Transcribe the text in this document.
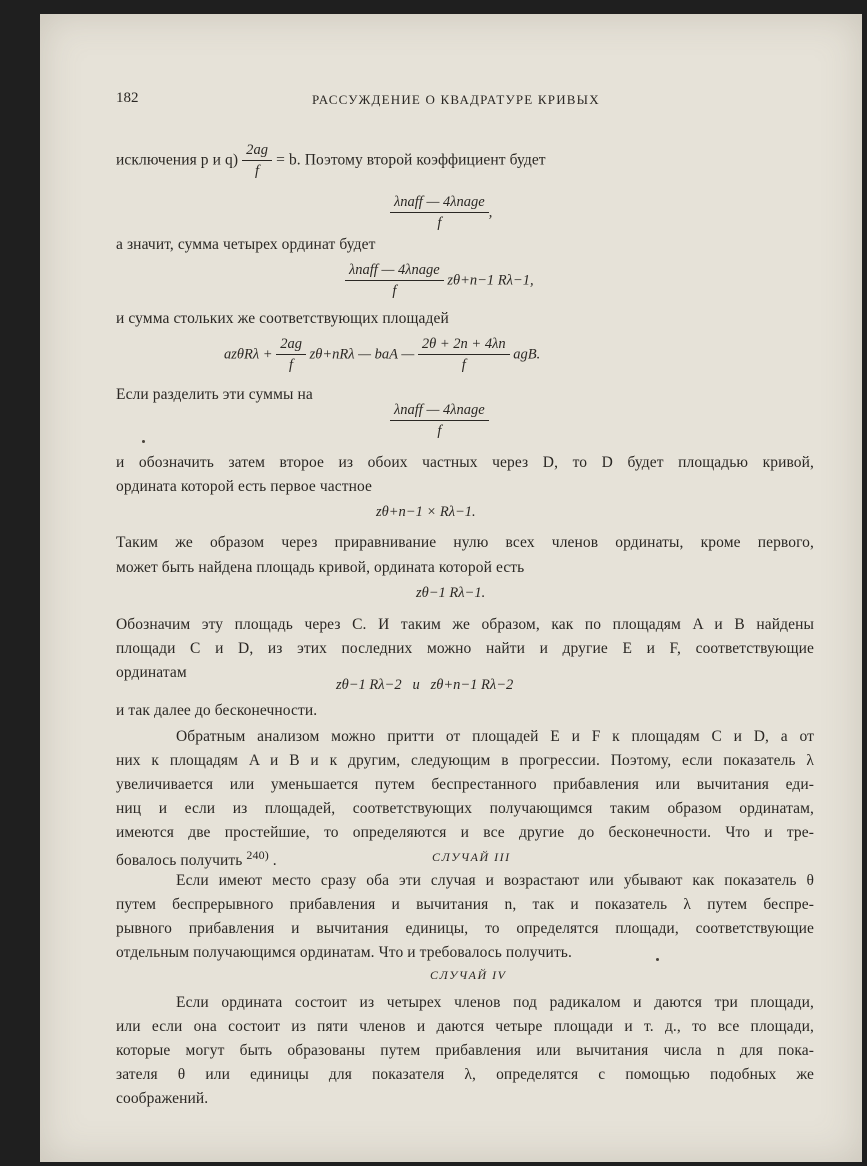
182	РАССУЖДЕНИЕ О КВАДРАТУРЕ КРИВЫХ
исключения p и $q) \frac{2ag}{f} = b$. Поэтому второй коэффициент будет
$\frac{\text{λnaff — 4λnage}}{f}$ ,
а значит, сумма четырех ординат будет
$\frac{\text{λnaff — 4λnage}}{f} z\theta+n-1$ Rλ−1,
и сумма стольких же соответствующих площадей
$az\theta R\lambda + \frac{2ag}{f} z\theta+nR\lambda$ — baA — $\frac{2\theta + 2n + 4\lambda n}{f}$ agB.
Если разделить эти суммы на
$\frac{\text{λnaff — 4λnage}}{f}$
и обозначить затем второе из обоих частных через D, то D будет площадью кривой,
ордината которой есть первое частное
zθ+n−1 × Rλ−1.
Таким же образом через приравнивание нулю всех членов ординаты, кроме первого,
может быть найдена площадь кривой, ордината которой есть
zθ−1 Rλ−1.
Обозначим эту площадь через C. И таким же образом, как по площадям A и B найдены
площади C и D, из этих последних можно найти и другие E и F, соответствующие
ординатам
zθ−1 Rλ−2   и   zθ+n−1 Rλ−2
и так далее до бесконечности.
Обратным анализом можно притти от площадей E и F к площадям C и D, а от
них к площадям A и B и к другим, следующим в прогрессии. Поэтому, если показатель λ
увеличивается или уменьшается путем беспрестанного прибавления или вычитания еди-
ниц и если из площадей, соответствующих получающимся таким образом ординатам,
имеются две простейшие, то определяются и все другие до бесконечности. Что и тре-
бовалось получить $^{240)}$ .	СЛУЧАЙ III
Если имеют место сразу оба эти случая и возрастают или убывают как показатель θ
путем беспрерывного прибавления и вычитания n, так и показатель λ путем беспре-
рывного прибавления и вычитания единицы, то определятся площади, соответствующие
отдельным получающимся ординатам. Что и требовалось получить.
СЛУЧАЙ IV
Если ордината состоит из четырех членов под радикалом и даются три площади,
или если она состоит из пяти членов и даются четыре площади и т. д., то все площади,
которые могут быть образованы путем прибавления или вычитания числа n для пока-
зателя θ или единицы для показателя λ, определятся с помощью подобных же
соображений.
